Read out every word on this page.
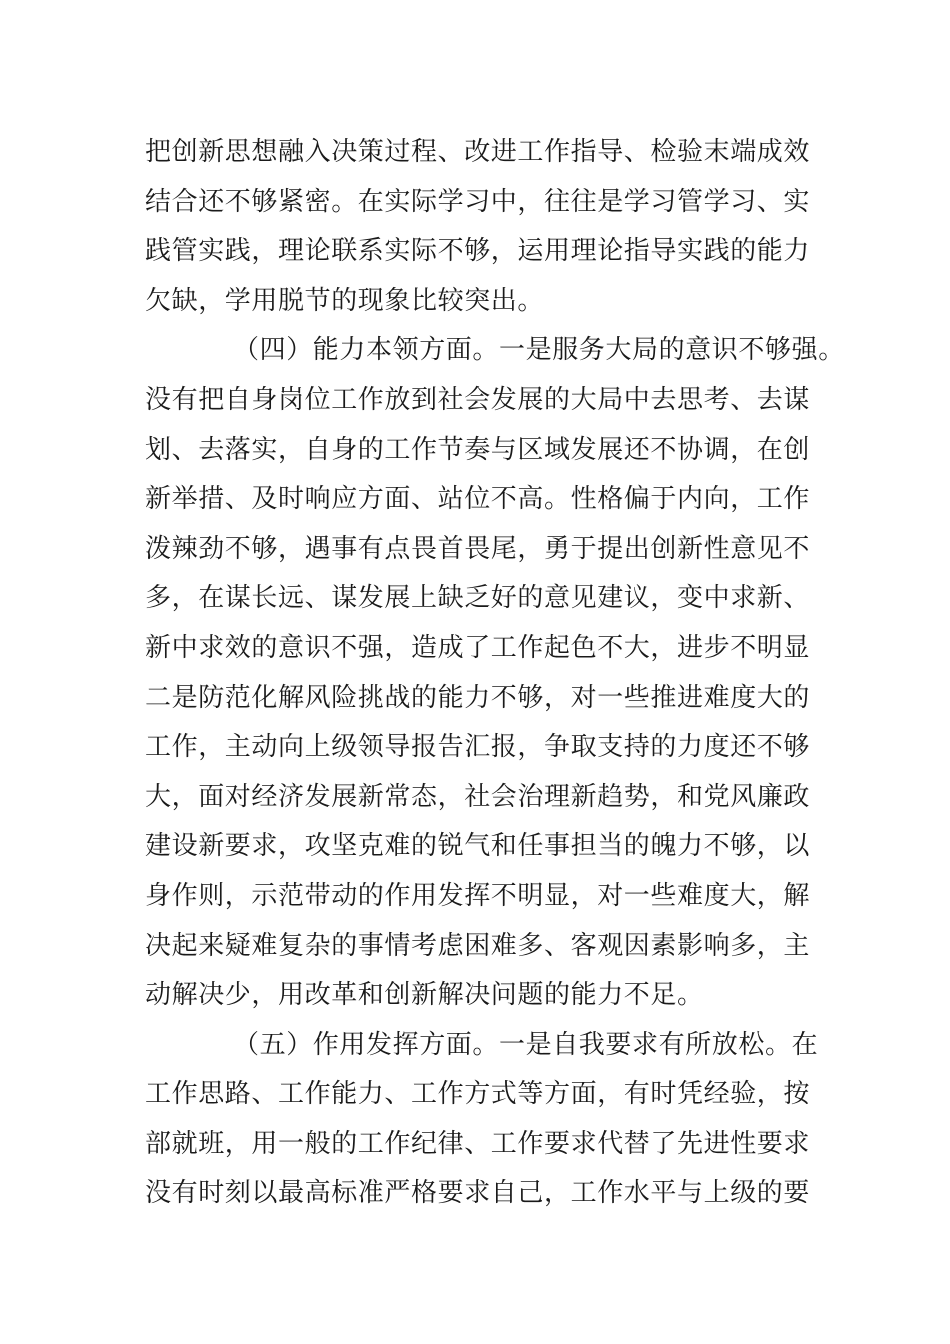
把创新思想融入决策过程、改进工作指导、检验末端成效
结合还不够紧密。在实际学习中，往往是学习管学习、实
践管实践，理论联系实际不够，运用理论指导实践的能力
欠缺，学用脱节的现象比较突出。
（四）能力本领方面。一是服务大局的意识不够强。
没有把自身岗位工作放到社会发展的大局中去思考、去谋
划、去落实，自身的工作节奏与区域发展还不协调，在创
新举措、及时响应方面、站位不高。性格偏于内向，工作
泼辣劲不够，遇事有点畏首畏尾，勇于提出创新性意见不
多，在谋长远、谋发展上缺乏好的意见建议，变中求新、
新中求效的意识不强，造成了工作起色不大，进步不明显
二是防范化解风险挑战的能力不够，对一些推进难度大的
工作，主动向上级领导报告汇报，争取支持的力度还不够
大，面对经济发展新常态，社会治理新趋势，和党风廉政
建设新要求，攻坚克难的锐气和任事担当的魄力不够，以
身作则，示范带动的作用发挥不明显，对一些难度大，解
决起来疑难复杂的事情考虑困难多、客观因素影响多，主
动解决少，用改革和创新解决问题的能力不足。
（五）作用发挥方面。一是自我要求有所放松。在
工作思路、工作能力、工作方式等方面，有时凭经验，按
部就班，用一般的工作纪律、工作要求代替了先进性要求
没有时刻以最高标准严格要求自己，工作水平与上级的要
